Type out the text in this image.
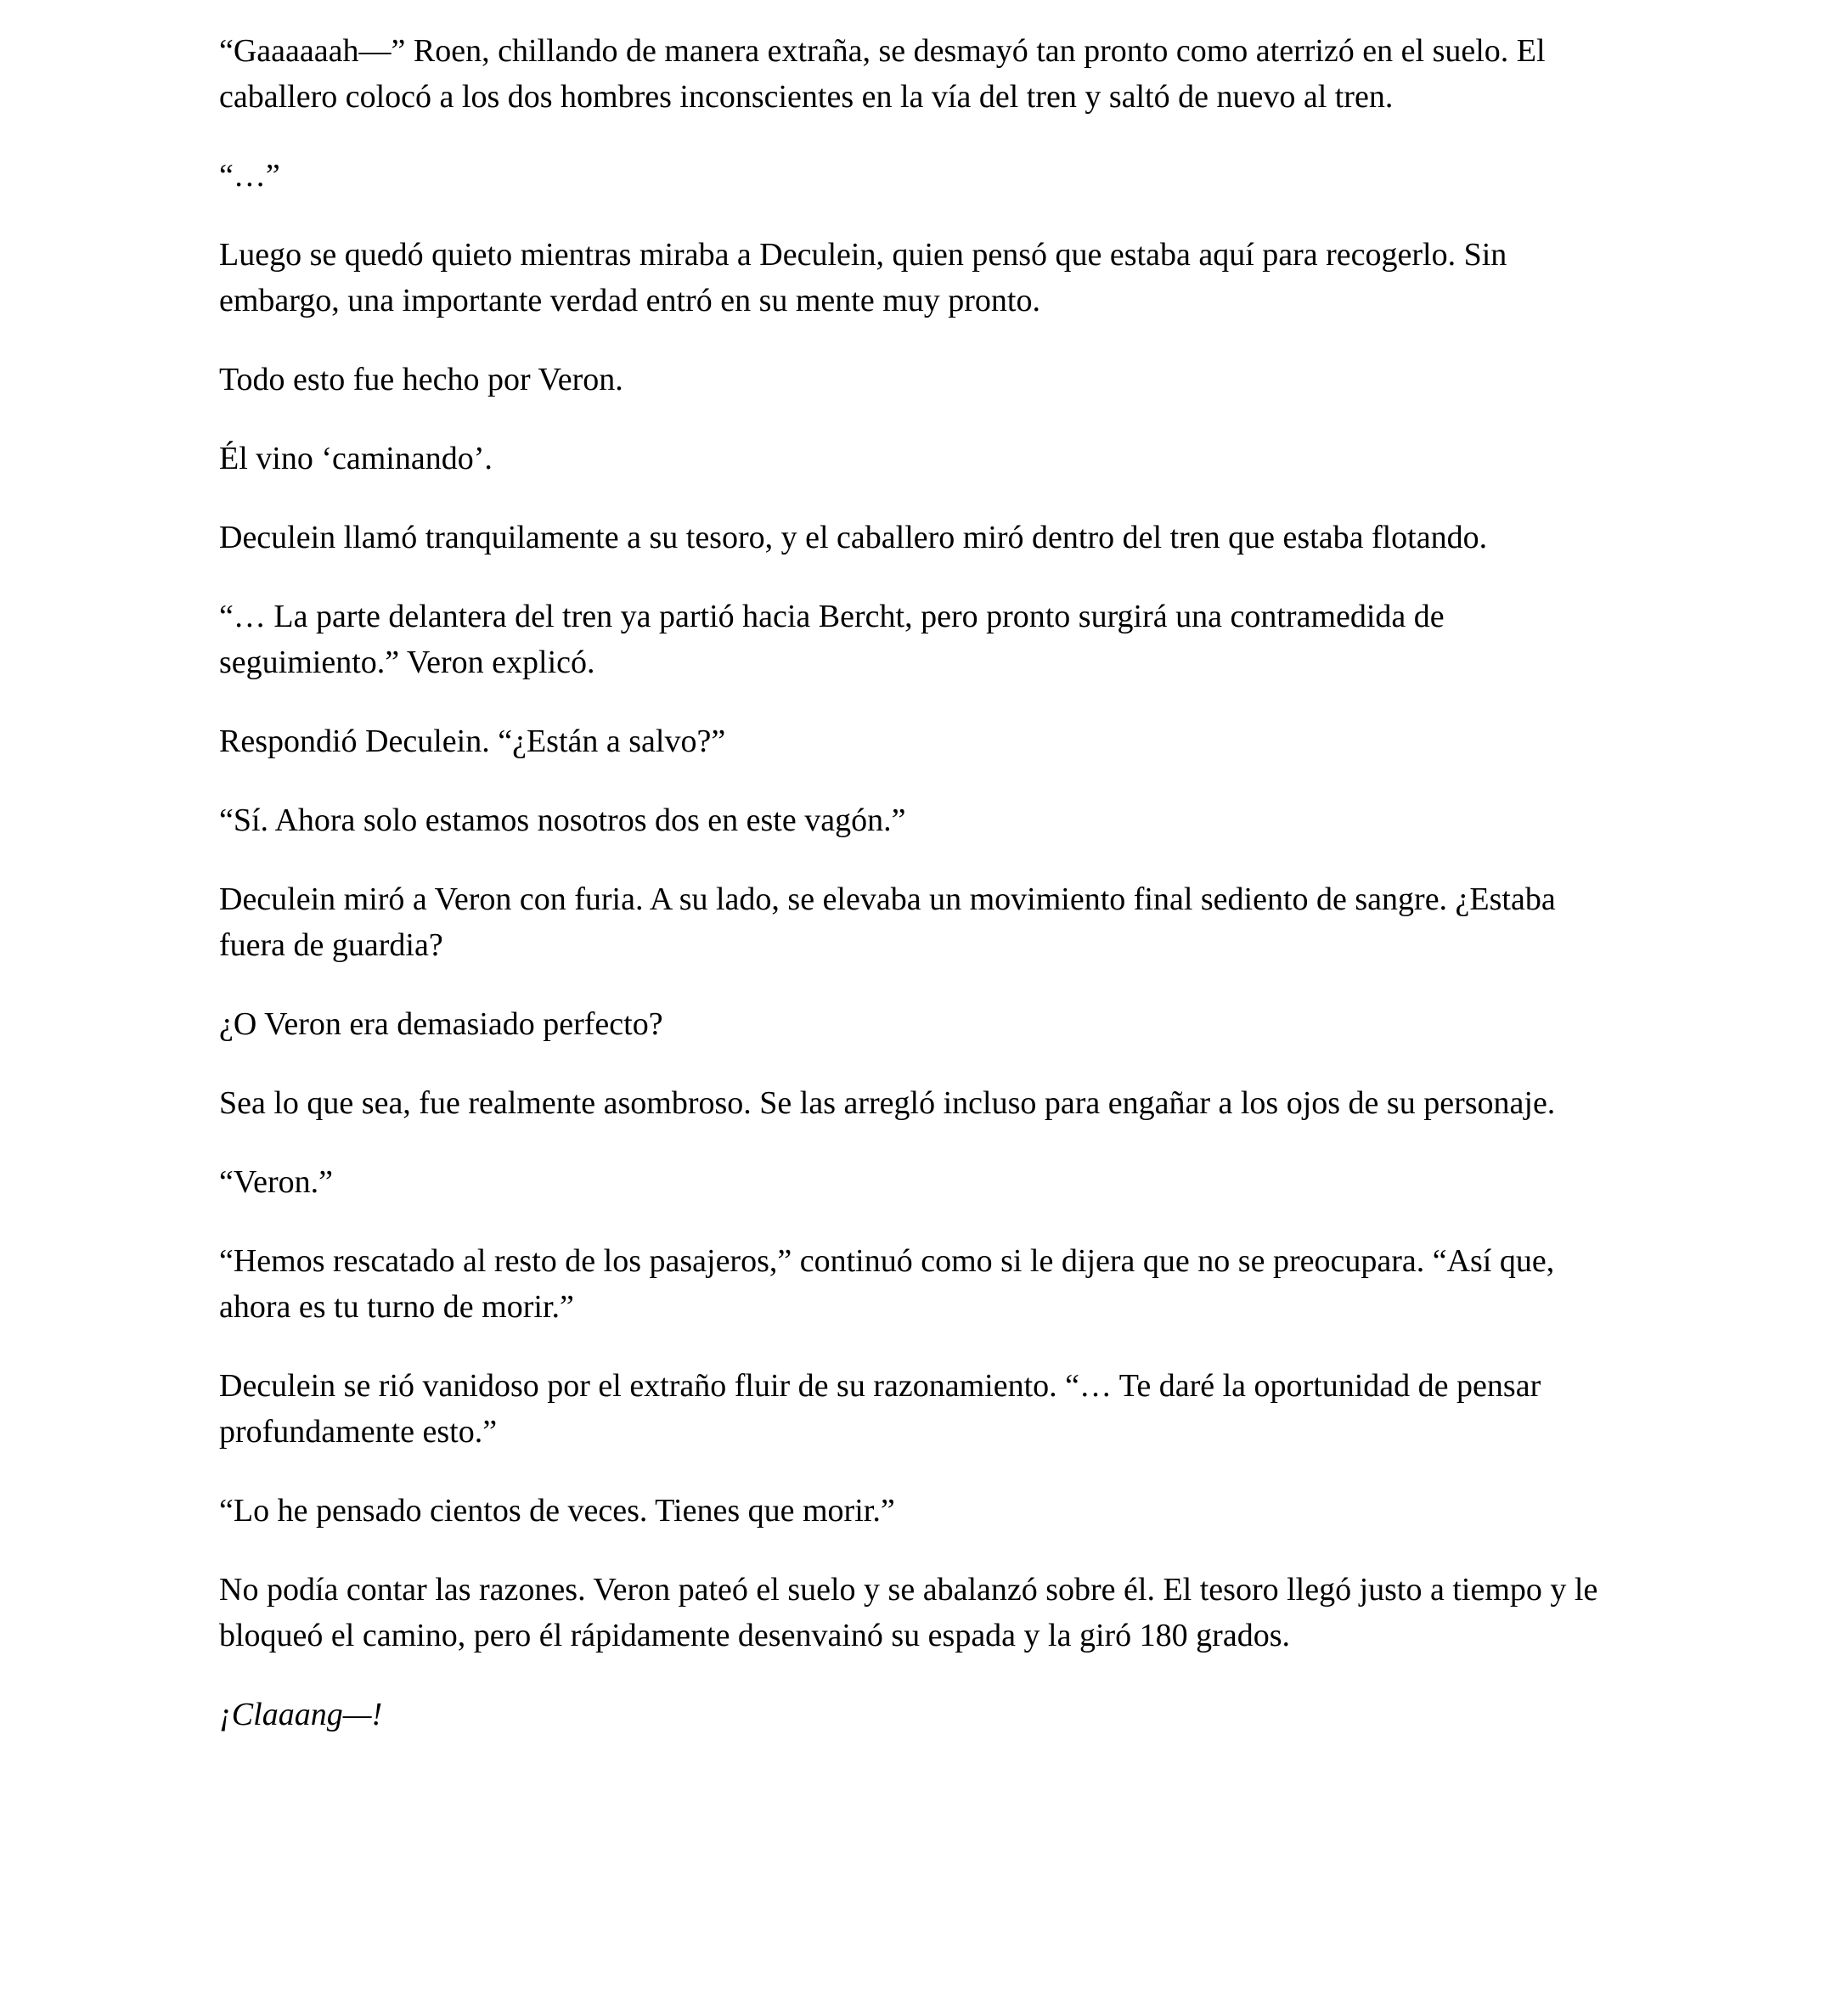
“Gaaaaaah—” Roen, chillando de manera extraña, se desmayó tan pronto como aterrizó en el suelo. El caballero colocó a los dos hombres inconscientes en la vía del tren y saltó de nuevo al tren.

“…”

Luego se quedó quieto mientras miraba a Deculein, quien pensó que estaba aquí para recogerlo. Sin embargo, una importante verdad entró en su mente muy pronto.

Todo esto fue hecho por Veron.

Él vino ‘caminando’.

Deculein llamó tranquilamente a su tesoro, y el caballero miró dentro del tren que estaba flotando.

“… La parte delantera del tren ya partió hacia Bercht, pero pronto surgirá una contramedida de seguimiento.” Veron explicó.

Respondió Deculein. “¿Están a salvo?”

“Sí. Ahora solo estamos nosotros dos en este vagón.”

Deculein miró a Veron con furia. A su lado, se elevaba un movimiento final sediento de sangre. ¿Estaba fuera de guardia?

¿O Veron era demasiado perfecto?

Sea lo que sea, fue realmente asombroso. Se las arregló incluso para engañar a los ojos de su personaje.

“Veron.”

“Hemos rescatado al resto de los pasajeros,” continuó como si le dijera que no se preocupara. “Así que, ahora es tu turno de morir.”

Deculein se rió vanidoso por el extraño fluir de su razonamiento. “… Te daré la oportunidad de pensar profundamente esto.”

“Lo he pensado cientos de veces. Tienes que morir.”

No podía contar las razones. Veron pateó el suelo y se abalanzó sobre él. El tesoro llegó justo a tiempo y le bloqueó el camino, pero él rápidamente desenvainó su espada y la giró 180 grados.

¡Claaang—!
